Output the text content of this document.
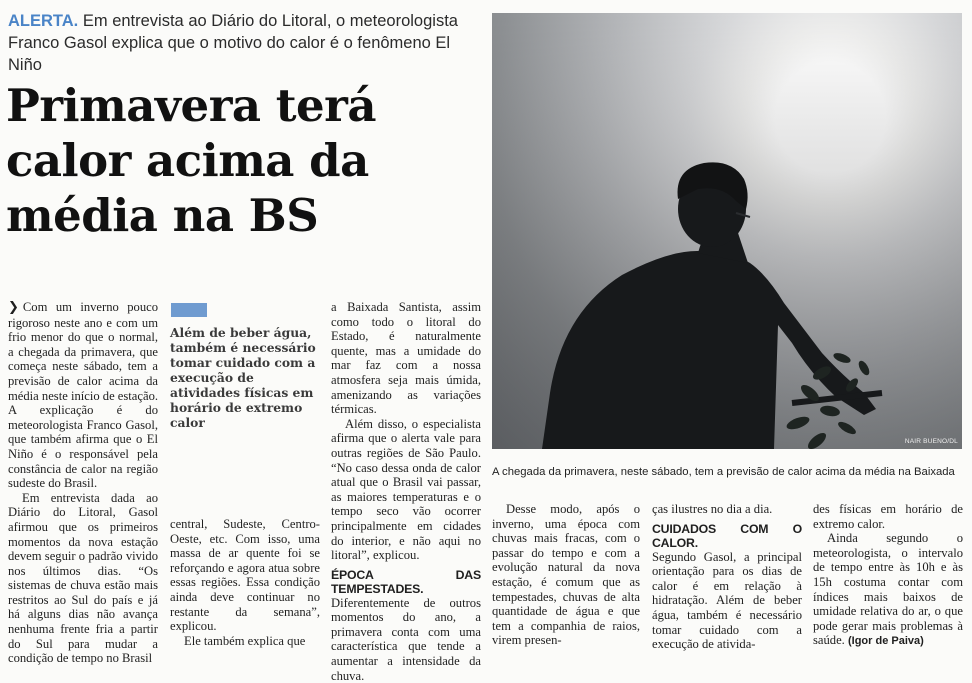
ALERTA. Em entrevista ao Diário do Litoral, o meteorologista Franco Gasol explica que o motivo do calor é o fenômeno El Niño
Primavera terá
calor acima da
média na BS
NAIR BUENO/DL
A chegada da primavera, neste sábado, tem a previsão de calor acima da média na Baixada
Além de beber água, também é necessário tomar cuidado com a execução de atividades físicas em horário de extremo calor

❯ Com um inverno pouco rigoroso neste ano e com um frio menor do que o normal, a chegada da primavera, que começa neste sábado, tem a previsão de calor acima da média neste início de estação. A explicação é do meteorologista Franco Gasol, que também afirma que o El Niño é o responsável pela constância de calor na região sudeste do Brasil.

Em entrevista dada ao Diário do Litoral, Gasol afirmou que os primeiros momentos da nova estação devem seguir o padrão vivido nos últimos dias. “Os sistemas de chuva estão mais restritos ao Sul do país e já há alguns dias não avança nenhuma frente fria a partir do Sul para mudar a condição de tempo no Brasil

central, Sudeste, Centro-Oeste, etc. Com isso, uma massa de ar quente foi se reforçando e agora atua sobre essas regiões. Essa condição ainda deve continuar no restante da semana”, explicou.

Ele também explica que

a Baixada Santista, assim como todo o litoral do Estado, é naturalmente quente, mas a umidade do mar faz com a nossa atmosfera seja mais úmida, amenizando as variações térmicas.

Além disso, o especialista afirma que o alerta vale para outras regiões de São Paulo. “No caso dessa onda de calor atual que o Brasil vai passar, as maiores temperaturas e o tempo seco vão ocorrer principalmente em cidades do interior, e não aqui no litoral”, explicou.

ÉPOCA DAS TEMPESTADES.

Diferentemente de outros momentos do ano, a primavera conta com uma característica que tende a aumentar a intensidade da chuva.

Desse modo, após o inverno, uma época com chuvas mais fracas, com o passar do tempo e com a evolução natural da nova estação, é comum que as tempestades, chuvas de alta quantidade de água e que tem a companhia de raios, virem presen-

ças ilustres no dia a dia.

CUIDADOS COM O CALOR.

Segundo Gasol, a principal orientação para os dias de calor é em relação à hidratação. Além de beber água, também é necessário tomar cuidado com a execução de ativida-

des físicas em horário de extremo calor.

Ainda segundo o meteorologista, o intervalo de tempo entre às 10h e às 15h costuma contar com índices mais baixos de umidade relativa do ar, o que pode gerar mais problemas à saúde. (Igor de Paiva)
